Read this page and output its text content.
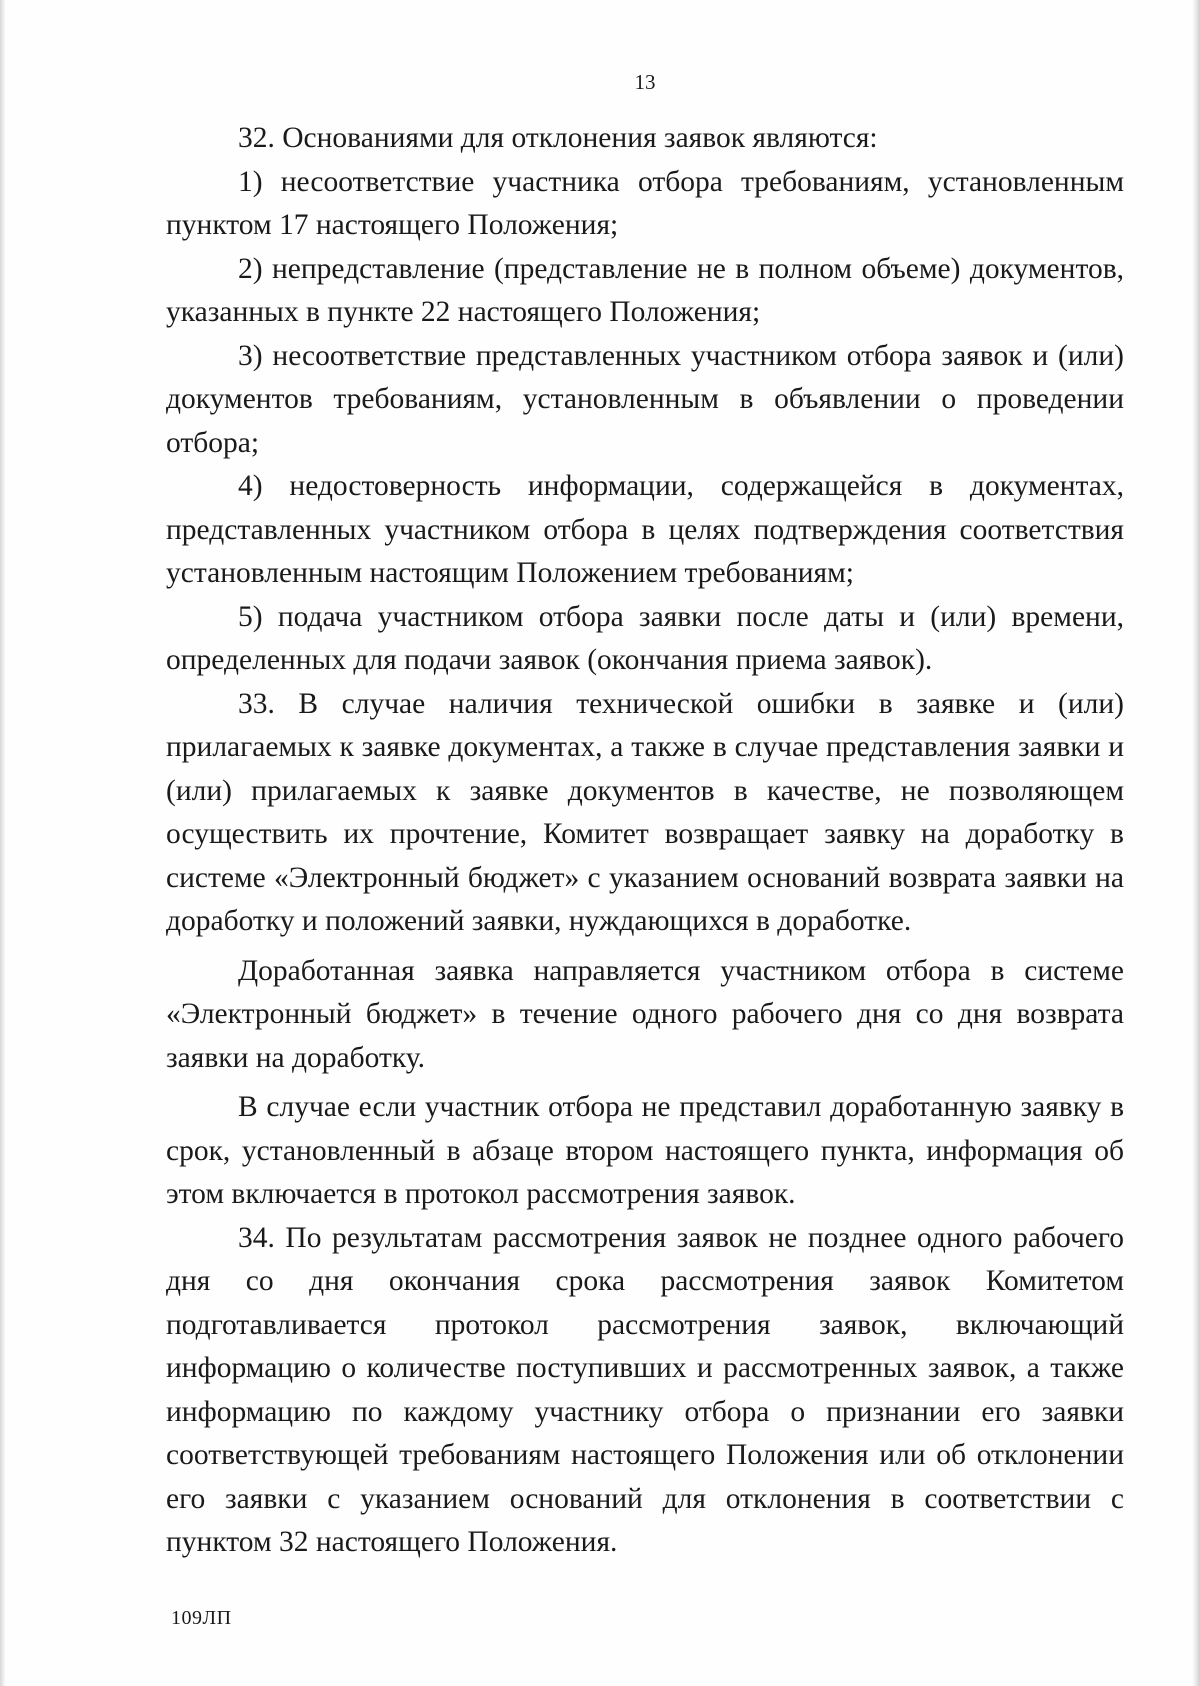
13

32. Основаниями для отклонения заявок являются:

1) несоответствие участника отбора требованиям, установленным пунктом 17 настоящего Положения;

2) непредставление (представление не в полном объеме) документов, указанных в пункте 22 настоящего Положения;

3) несоответствие представленных участником отбора заявок и (или) документов требованиям, установленным в объявлении о проведении отбора;

4) недостоверность информации, содержащейся в документах, представленных участником отбора в целях подтверждения соответствия установленным настоящим Положением требованиям;

5) подача участником отбора заявки после даты и (или) времени, определенных для подачи заявок (окончания приема заявок).

33. В случае наличия технической ошибки в заявке и (или) прилагаемых к заявке документах, а также в случае представления заявки и (или) прилагаемых к заявке документов в качестве, не позволяющем осуществить их прочтение, Комитет возвращает заявку на доработку в системе «Электронный бюджет» с указанием оснований возврата заявки на доработку и положений заявки, нуждающихся в доработке.

Доработанная заявка направляется участником отбора в системе «Электронный бюджет» в течение одного рабочего дня со дня возврата заявки на доработку.

В случае если участник отбора не представил доработанную заявку в срок, установленный в абзаце втором настоящего пункта, информация об этом включается в протокол рассмотрения заявок.

34. По результатам рассмотрения заявок не позднее одного рабочего дня со дня окончания срока рассмотрения заявок Комитетом подготавливается протокол рассмотрения заявок, включающий информацию о количестве поступивших и рассмотренных заявок, а также информацию по каждому участнику отбора о признании его заявки соответствующей требованиям настоящего Положения или об отклонении его заявки с указанием оснований для отклонения в соответствии с пунктом 32 настоящего Положения.

109ЛП
